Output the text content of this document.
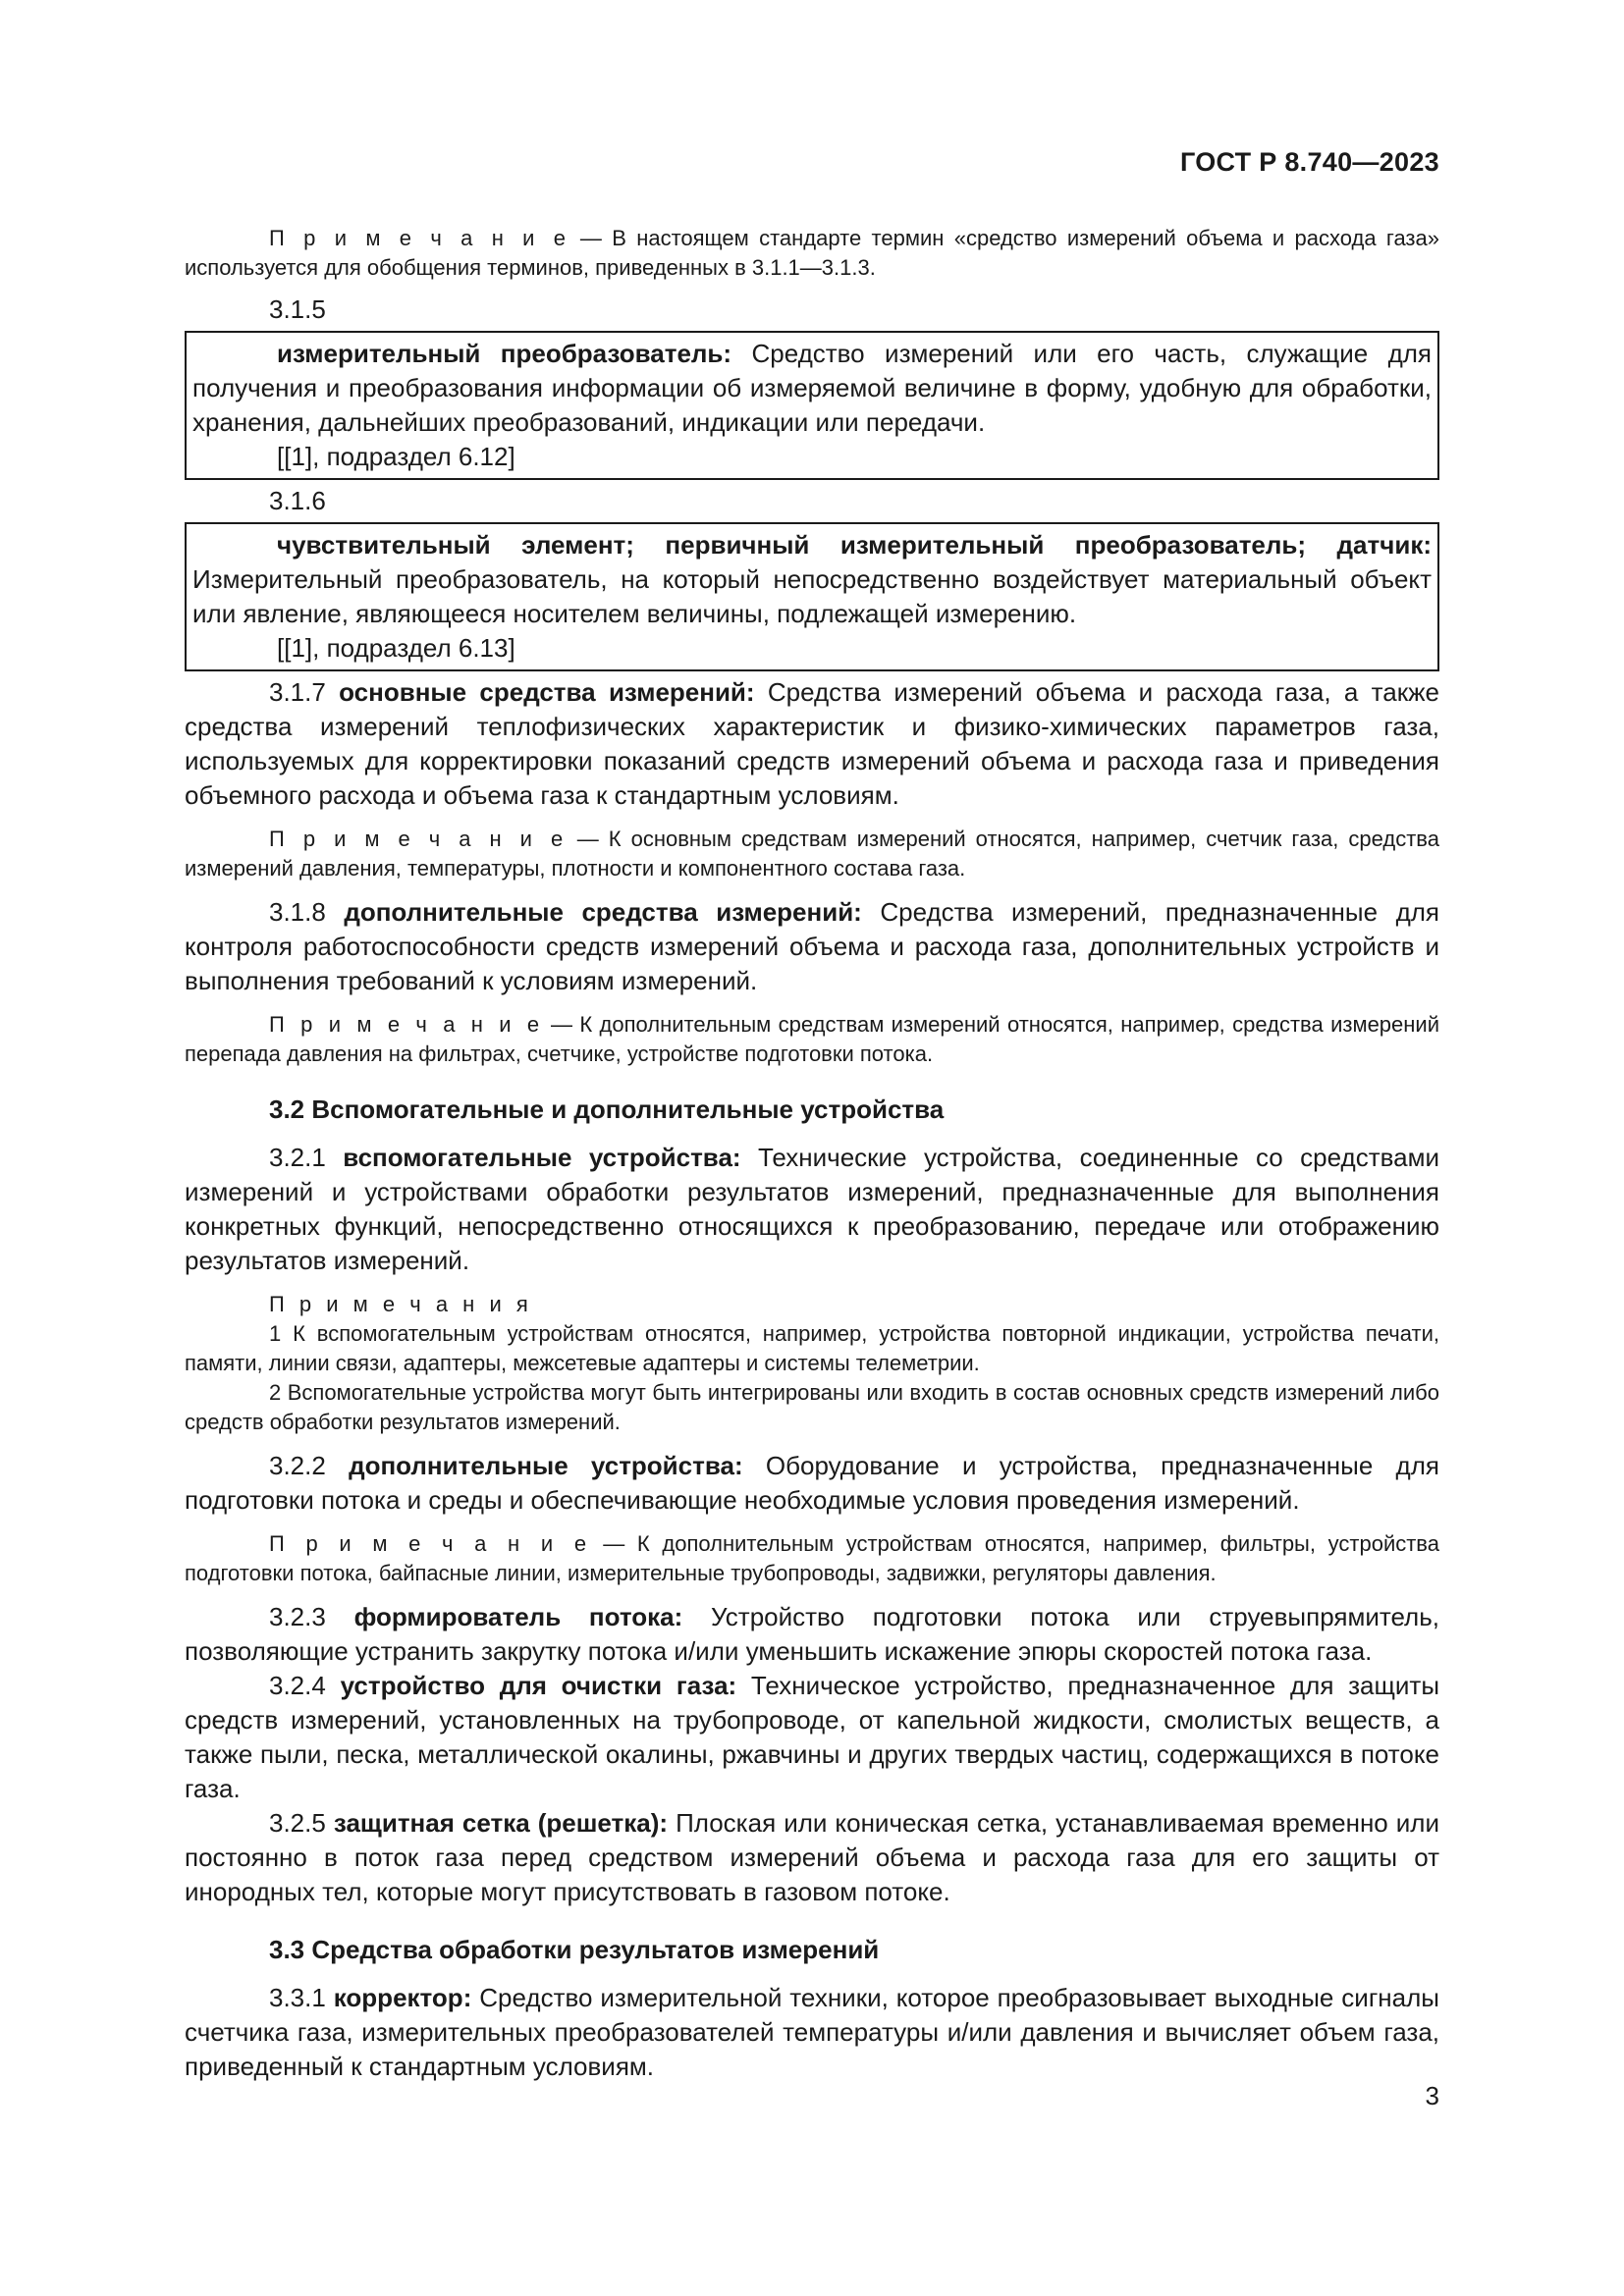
ГОСТ Р 8.740—2023

П р и м е ч а н и е — В настоящем стандарте термин «средство измерений объема и расхода газа» используется для обобщения терминов, приведенных в 3.1.1—3.1.3.

3.1.5

измерительный преобразователь: Средство измерений или его часть, служащие для получения и преобразования информации об измеряемой величине в форму, удобную для обработки, хранения, дальнейших преобразований, индикации или передачи.

[[1], подраздел 6.12]

3.1.6

чувствительный элемент; первичный измерительный преобразователь; датчик: Измерительный преобразователь, на который непосредственно воздействует материальный объект или явление, являющееся носителем величины, подлежащей измерению.

[[1], подраздел 6.13]

3.1.7 основные средства измерений: Средства измерений объема и расхода газа, а также средства измерений теплофизических характеристик и физико-химических параметров газа, используемых для корректировки показаний средств измерений объема и расхода газа и приведения объемного расхода и объема газа к стандартным условиям.

П р и м е ч а н и е — К основным средствам измерений относятся, например, счетчик газа, средства измерений давления, температуры, плотности и компонентного состава газа.

3.1.8 дополнительные средства измерений: Средства измерений, предназначенные для контроля работоспособности средств измерений объема и расхода газа, дополнительных устройств и выполнения требований к условиям измерений.

П р и м е ч а н и е — К дополнительным средствам измерений относятся, например, средства измерений перепада давления на фильтрах, счетчике, устройстве подготовки потока.

3.2 Вспомогательные и дополнительные устройства

3.2.1 вспомогательные устройства: Технические устройства, соединенные со средствами измерений и устройствами обработки результатов измерений, предназначенные для выполнения конкретных функций, непосредственно относящихся к преобразованию, передаче или отображению результатов измерений.

П р и м е ч а н и я

1 К вспомогательным устройствам относятся, например, устройства повторной индикации, устройства печати, памяти, линии связи, адаптеры, межсетевые адаптеры и системы телеметрии.

2 Вспомогательные устройства могут быть интегрированы или входить в состав основных средств измерений либо средств обработки результатов измерений.

3.2.2 дополнительные устройства: Оборудование и устройства, предназначенные для подготовки потока и среды и обеспечивающие необходимые условия проведения измерений.

П р и м е ч а н и е — К дополнительным устройствам относятся, например, фильтры, устройства подготовки потока, байпасные линии, измерительные трубопроводы, задвижки, регуляторы давления.

3.2.3 формирователь потока: Устройство подготовки потока или струевыпрямитель, позволяющие устранить закрутку потока и/или уменьшить искажение эпюры скоростей потока газа.

3.2.4 устройство для очистки газа: Техническое устройство, предназначенное для защиты средств измерений, установленных на трубопроводе, от капельной жидкости, смолистых веществ, а также пыли, песка, металлической окалины, ржавчины и других твердых частиц, содержащихся в потоке газа.

3.2.5 защитная сетка (решетка): Плоская или коническая сетка, устанавливаемая временно или постоянно в поток газа перед средством измерений объема и расхода газа для его защиты от инородных тел, которые могут присутствовать в газовом потоке.

3.3 Средства обработки результатов измерений

3.3.1 корректор: Средство измерительной техники, которое преобразовывает выходные сигналы счетчика газа, измерительных преобразователей температуры и/или давления и вычисляет объем газа, приведенный к стандартным условиям.

3
